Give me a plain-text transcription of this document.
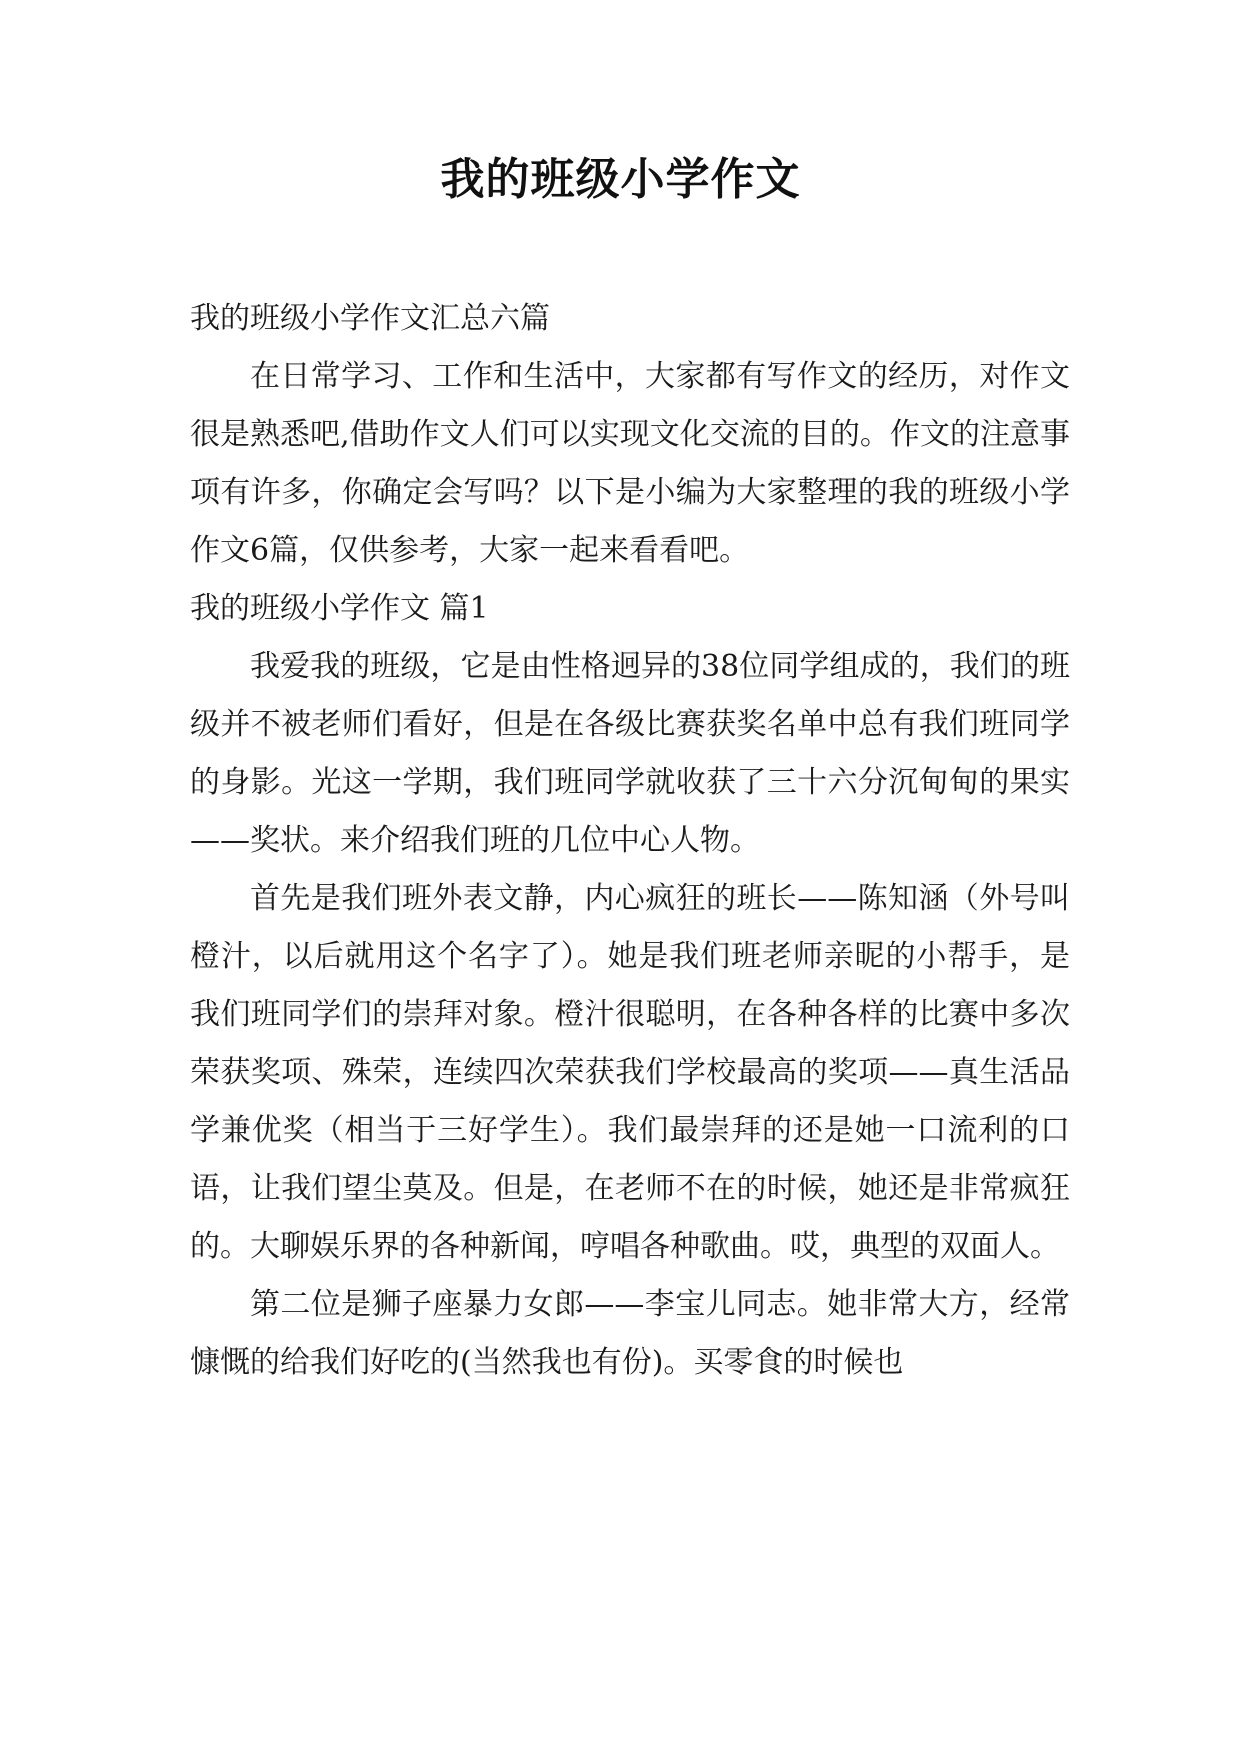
我的班级小学作文

我的班级小学作文汇总六篇

在日常学习、工作和生活中，大家都有写作文的经历，对作文很是熟悉吧,借助作文人们可以实现文化交流的目的。作文的注意事项有许多，你确定会写吗？以下是小编为大家整理的我的班级小学作文6篇，仅供参考，大家一起来看看吧。

我的班级小学作文 篇1

我爱我的班级，它是由性格迥异的38位同学组成的，我们的班级并不被老师们看好，但是在各级比赛获奖名单中总有我们班同学的身影。光这一学期，我们班同学就收获了三十六分沉甸甸的果实——奖状。来介绍我们班的几位中心人物。

首先是我们班外表文静，内心疯狂的班长——陈知涵（外号叫橙汁，以后就用这个名字了）。她是我们班老师亲昵的小帮手，是我们班同学们的崇拜对象。橙汁很聪明，在各种各样的比赛中多次荣获奖项、殊荣，连续四次荣获我们学校最高的奖项——真生活品学兼优奖（相当于三好学生）。我们最崇拜的还是她一口流利的口语，让我们望尘莫及。但是，在老师不在的时候，她还是非常疯狂的。大聊娱乐界的各种新闻，哼唱各种歌曲。哎，典型的双面人。

第二位是狮子座暴力女郎——李宝儿同志。她非常大方，经常慷慨的给我们好吃的(当然我也有份)。买零食的时候也
